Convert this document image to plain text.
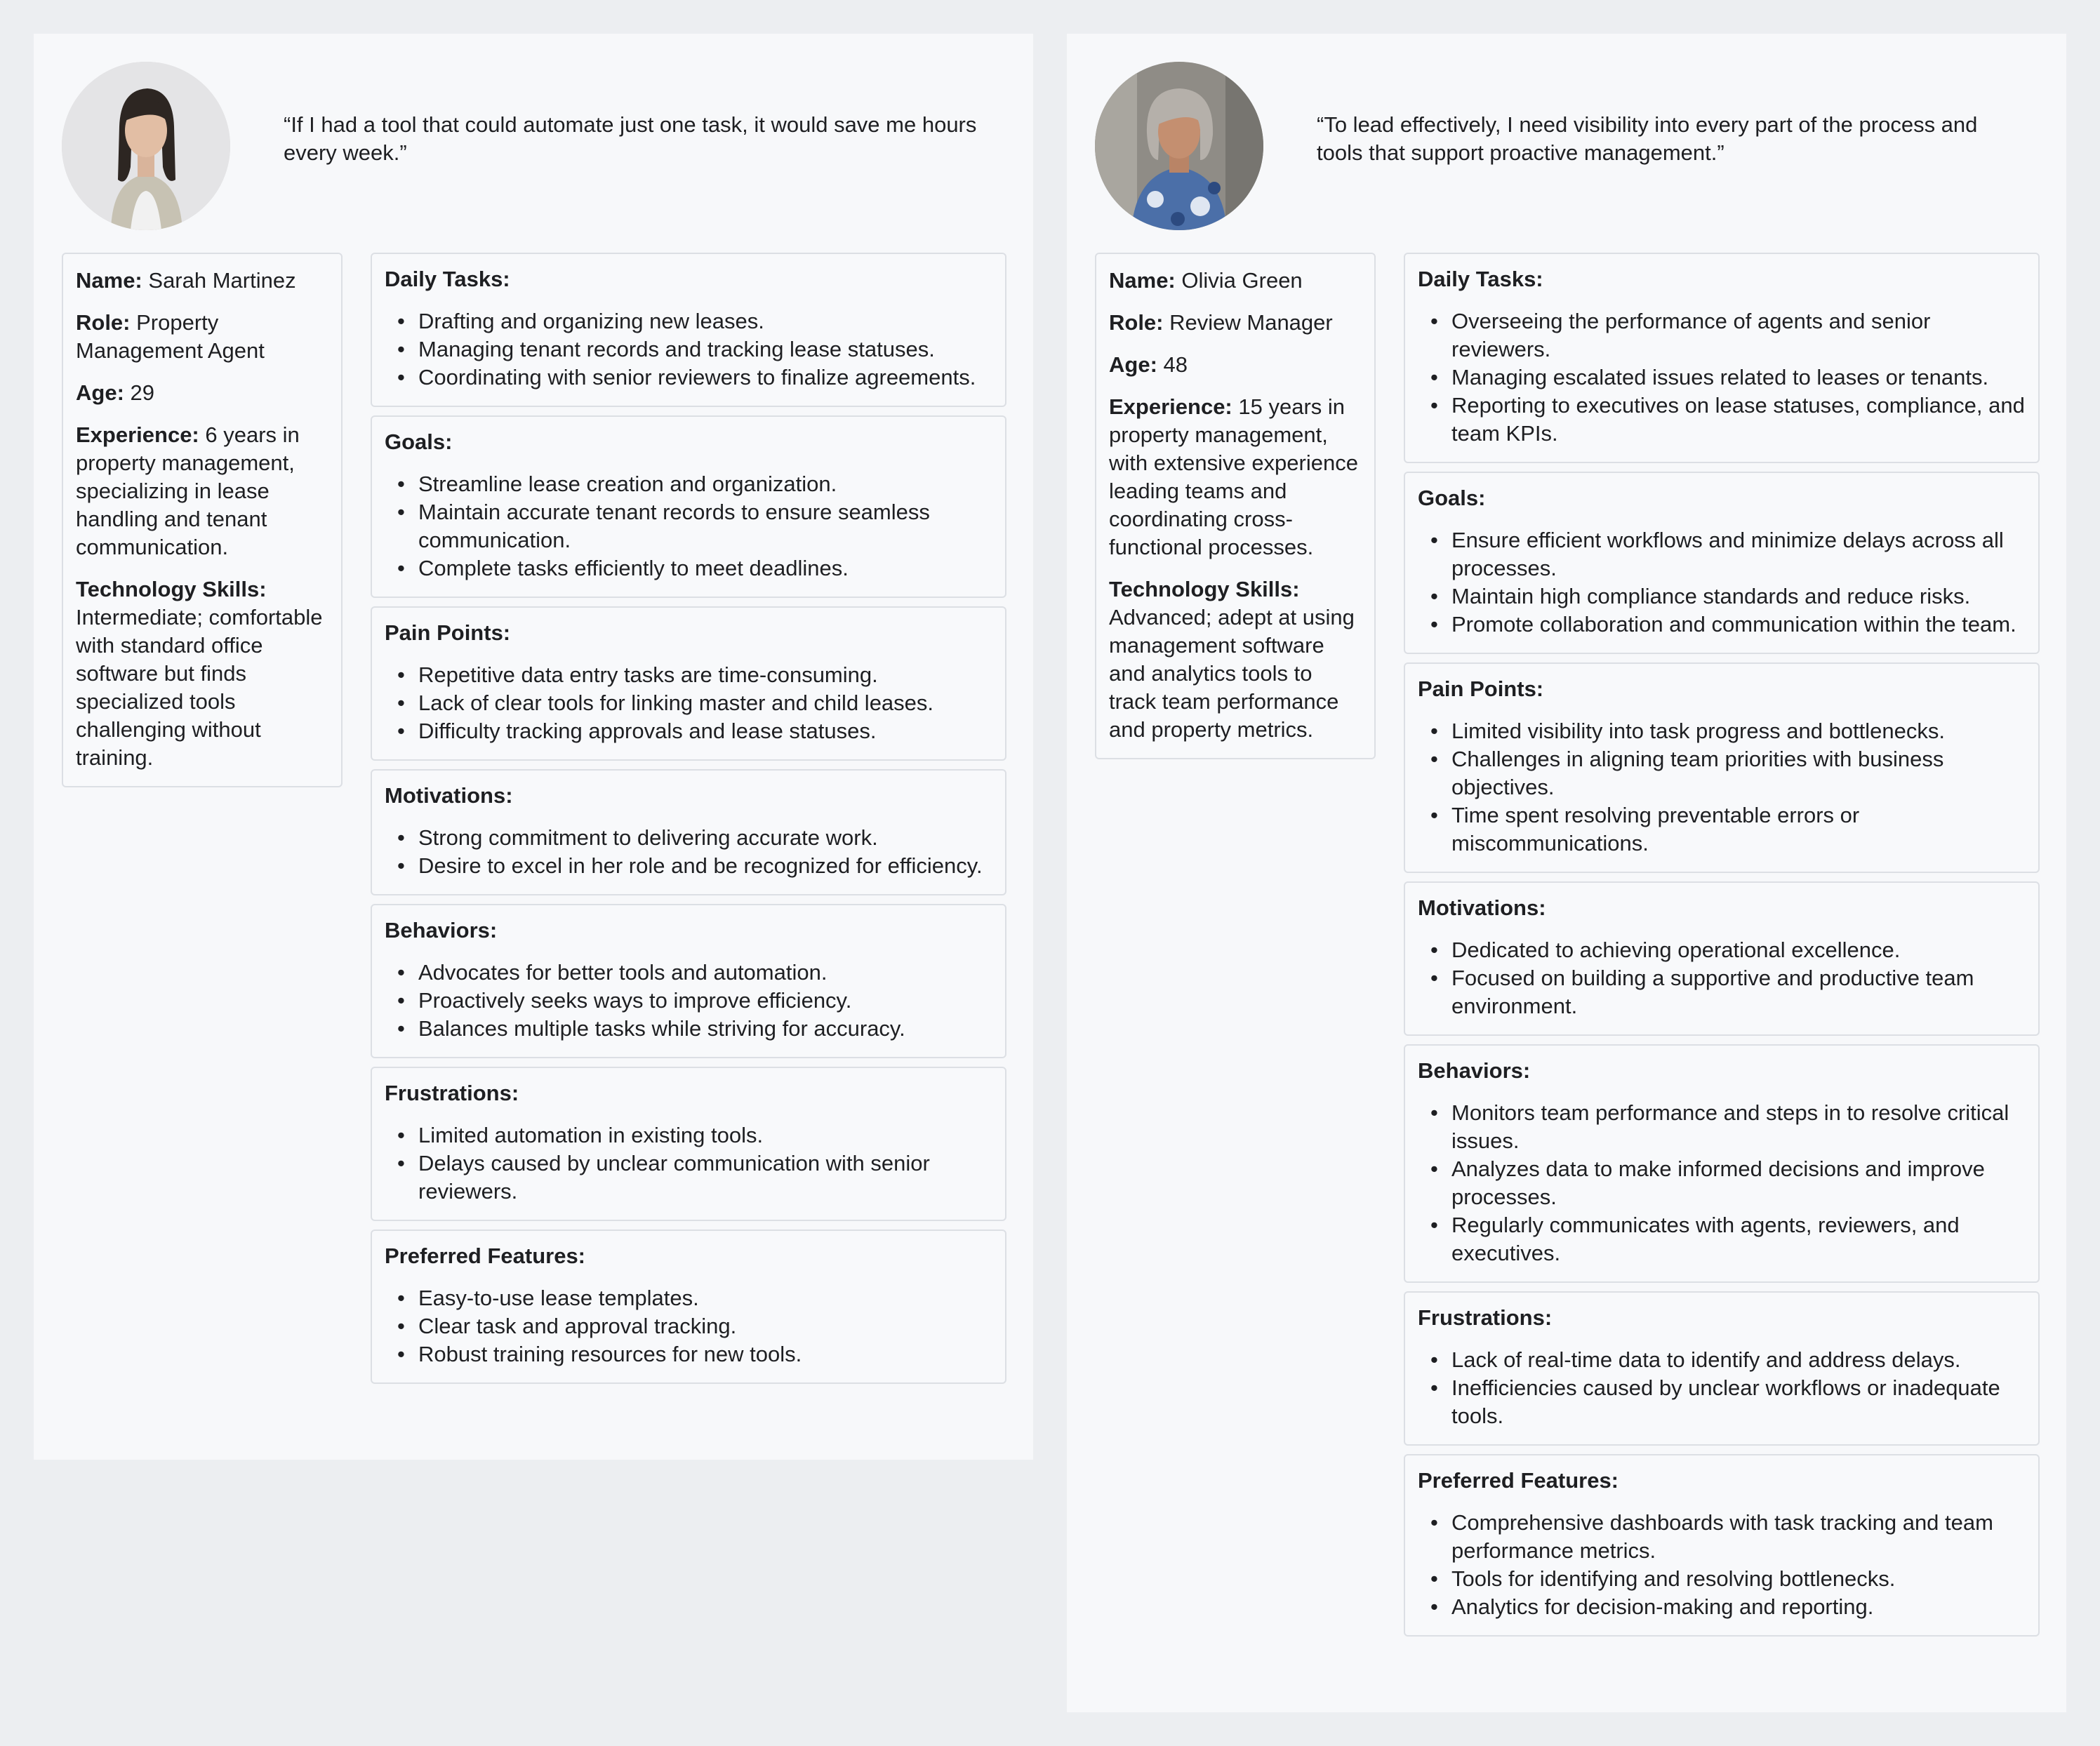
“If I had a tool that could automate just one task, it would save me hours every week.”

Name: Sarah Martinez

Role: Property Management Agent

Age: 29

Experience: 6 years in property management, specializing in lease handling and tenant communication.

Technology Skills: Intermediate; comfortable with standard office software but finds specialized tools challenging without training.

Daily Tasks:
• Drafting and organizing new leases.
• Managing tenant records and tracking lease statuses.
• Coordinating with senior reviewers to finalize agreements.
Goals:
• Streamline lease creation and organization.
• Maintain accurate tenant records to ensure seamless communication.
• Complete tasks efficiently to meet deadlines.
Pain Points:
• Repetitive data entry tasks are time-consuming.
• Lack of clear tools for linking master and child leases.
• Difficulty tracking approvals and lease statuses.
Motivations:
• Strong commitment to delivering accurate work.
• Desire to excel in her role and be recognized for efficiency.
Behaviors:
• Advocates for better tools and automation.
• Proactively seeks ways to improve efficiency.
• Balances multiple tasks while striving for accuracy.
Frustrations:
• Limited automation in existing tools.
• Delays caused by unclear communication with senior reviewers.
Preferred Features:
• Easy-to-use lease templates.
• Clear task and approval tracking.
• Robust training resources for new tools.

“To lead effectively, I need visibility into every part of the process and tools that support proactive management.”

Name: Olivia Green

Role: Review Manager

Age: 48

Experience: 15 years in property management, with extensive experience leading teams and coordinating cross-functional processes.

Technology Skills: Advanced; adept at using management software and analytics tools to track team performance and property metrics.

Daily Tasks:
• Overseeing the performance of agents and senior reviewers.
• Managing escalated issues related to leases or tenants.
• Reporting to executives on lease statuses, compliance, and team KPIs.
Goals:
• Ensure efficient workflows and minimize delays across all processes.
• Maintain high compliance standards and reduce risks.
• Promote collaboration and communication within the team.
Pain Points:
• Limited visibility into task progress and bottlenecks.
• Challenges in aligning team priorities with business objectives.
• Time spent resolving preventable errors or miscommunications.
Motivations:
• Dedicated to achieving operational excellence.
• Focused on building a supportive and productive team environment.
Behaviors:
• Monitors team performance and steps in to resolve critical issues.
• Analyzes data to make informed decisions and improve processes.
• Regularly communicates with agents, reviewers, and executives.
Frustrations:
• Lack of real-time data to identify and address delays.
• Inefficiencies caused by unclear workflows or inadequate tools.
Preferred Features:
• Comprehensive dashboards with task tracking and team performance metrics.
• Tools for identifying and resolving bottlenecks.
• Analytics for decision-making and reporting.
